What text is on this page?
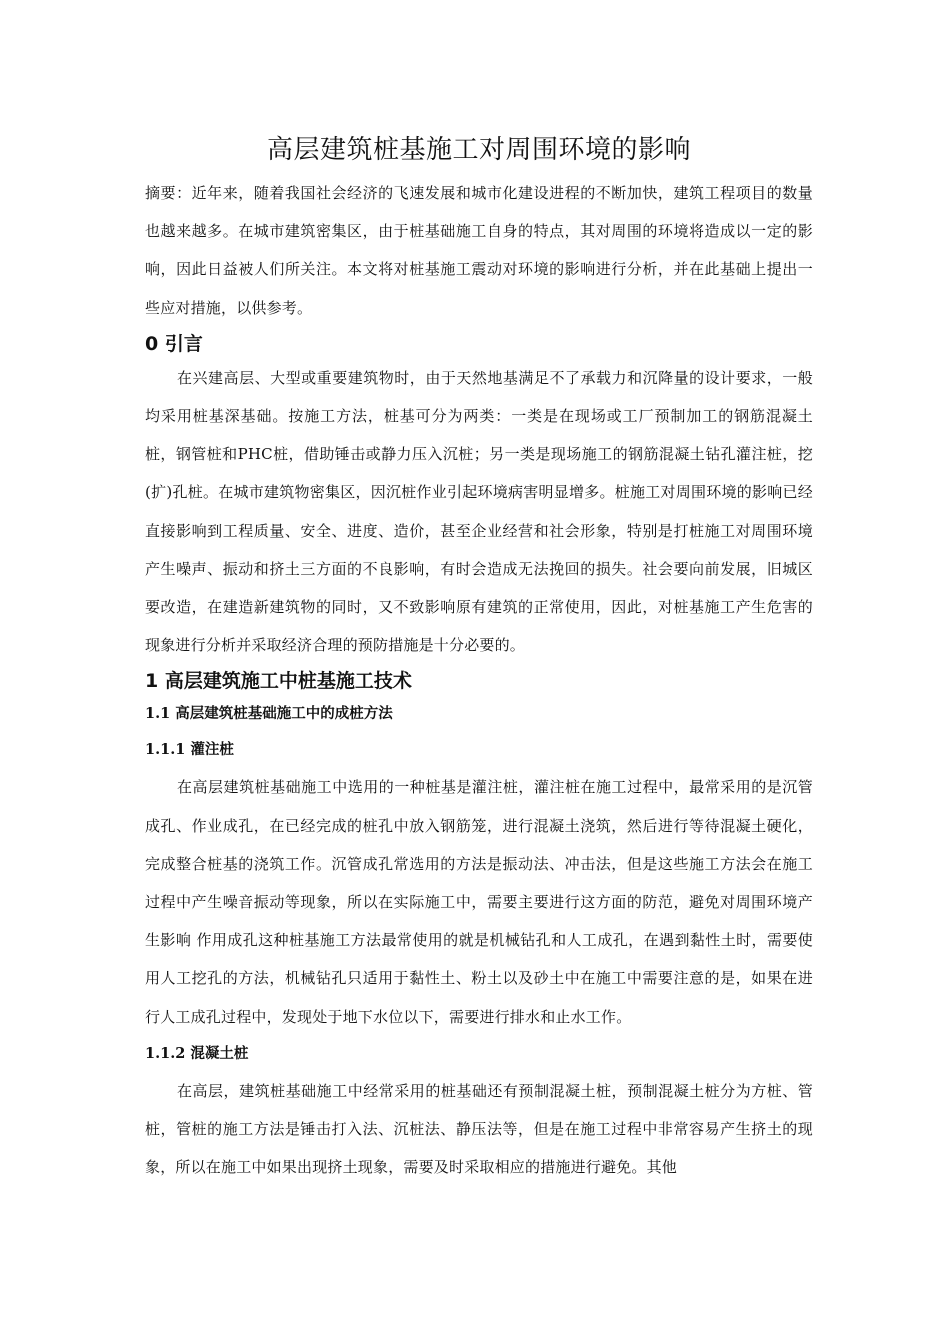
高层建筑桩基施工对周围环境的影响

摘要：近年来，随着我国社会经济的飞速发展和城市化建设进程的不断加快，建筑工程项目的数量也越来越多。在城市建筑密集区，由于桩基础施工自身的特点，其对周围的环境将造成以一定的影响，因此日益被人们所关注。本文将对桩基施工震动对环境的影响进行分析，并在此基础上提出一些应对措施，以供参考。

0 引言

在兴建高层、大型或重要建筑物时，由于天然地基满足不了承载力和沉降量的设计要求，一般均采用桩基深基础。按施工方法，桩基可分为两类：一类是在现场或工厂预制加工的钢筋混凝土桩，钢管桩和PHC桩，借助锤击或静力压入沉桩；另一类是现场施工的钢筋混凝土钻孔灌注桩，挖(扩)孔桩。在城市建筑物密集区，因沉桩作业引起环境病害明显增多。桩施工对周围环境的影响已经直接影响到工程质量、安全、进度、造价，甚至企业经营和社会形象，特别是打桩施工对周围环境产生噪声、振动和挤土三方面的不良影响，有时会造成无法挽回的损失。社会要向前发展，旧城区要改造，在建造新建筑物的同时，又不致影响原有建筑的正常使用，因此，对桩基施工产生危害的现象进行分析并采取经济合理的预防措施是十分必要的。

1 高层建筑施工中桩基施工技术
1.1 高层建筑桩基础施工中的成桩方法
1.1.1 灌注桩

在高层建筑桩基础施工中选用的一种桩基是灌注桩，灌注桩在施工过程中，最常采用的是沉管成孔、作业成孔，在已经完成的桩孔中放入钢筋笼，进行混凝土浇筑，然后进行等待混凝土硬化，完成整合桩基的浇筑工作。沉管成孔常选用的方法是振动法、冲击法，但是这些施工方法会在施工过程中产生噪音振动等现象，所以在实际施工中，需要主要进行这方面的防范，避免对周围环境产生影响 作用成孔这种桩基施工方法最常使用的就是机械钻孔和人工成孔，在遇到黏性土时，需要使用人工挖孔的方法，机械钻孔只适用于黏性土、粉土以及砂土中在施工中需要注意的是，如果在进行人工成孔过程中，发现处于地下水位以下，需要进行排水和止水工作。

1.1.2 混凝土桩

在高层，建筑桩基础施工中经常采用的桩基础还有预制混凝土桩，预制混凝土桩分为方桩、管桩，管桩的施工方法是锤击打入法、沉桩法、静压法等，但是在施工过程中非常容易产生挤土的现象，所以在施工中如果出现挤土现象，需要及时采取相应的措施进行避免。其他
